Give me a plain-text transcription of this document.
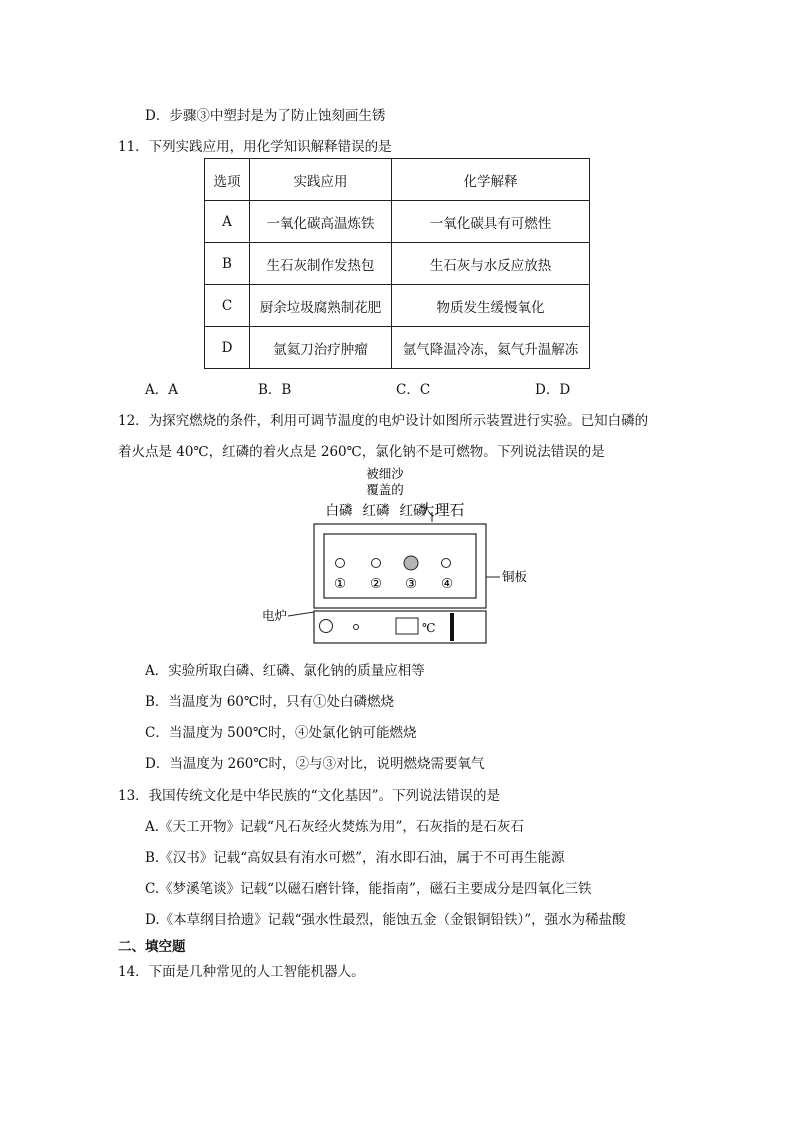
D．步骤③中塑封是为了防止蚀刻画生锈
11．下列实践应用，用化学知识解释错误的是
选项	实践应用	化学解释
A	一氧化碳高温炼铁	一氧化碳具有可燃性
B	生石灰制作发热包	生石灰与水反应放热
C	厨余垃圾腐熟制花肥	物质发生缓慢氧化
D	氩氦刀治疗肿瘤	氩气降温冷冻，氦气升温解冻
A．A	B．B	C．C	D．D
12．为探究燃烧的条件，利用可调节温度的电炉设计如图所示装置进行实验。已知白磷的
着火点是 40℃，红磷的着火点是 260℃，氯化钠不是可燃物。下列说法错误的是
被细沙
覆盖的
白磷 红磷 红磷
大理石
① ② ③ ④	铜板
℃
电炉
A．实验所取白磷、红磷、氯化钠的质量应相等
B．当温度为 60℃时，只有①处白磷燃烧
C．当温度为 500℃时，④处氯化钠可能燃烧
D．当温度为 260℃时，②与③对比，说明燃烧需要氧气
13．我国传统文化是中华民族的“文化基因”。下列说法错误的是
A.《天工开物》记载“凡石灰经火焚炼为用”，石灰指的是石灰石
B.《汉书》记载“高奴县有洧水可燃”，洧水即石油，属于不可再生能源
C.《梦溪笔谈》记载“以磁石磨针锋，能指南”，磁石主要成分是四氧化三铁
D.《本草纲目拾遗》记载“强水性最烈，能蚀五金（金银铜铅铁）”，强水为稀盐酸
二、填空题
14．下面是几种常见的人工智能机器人。
